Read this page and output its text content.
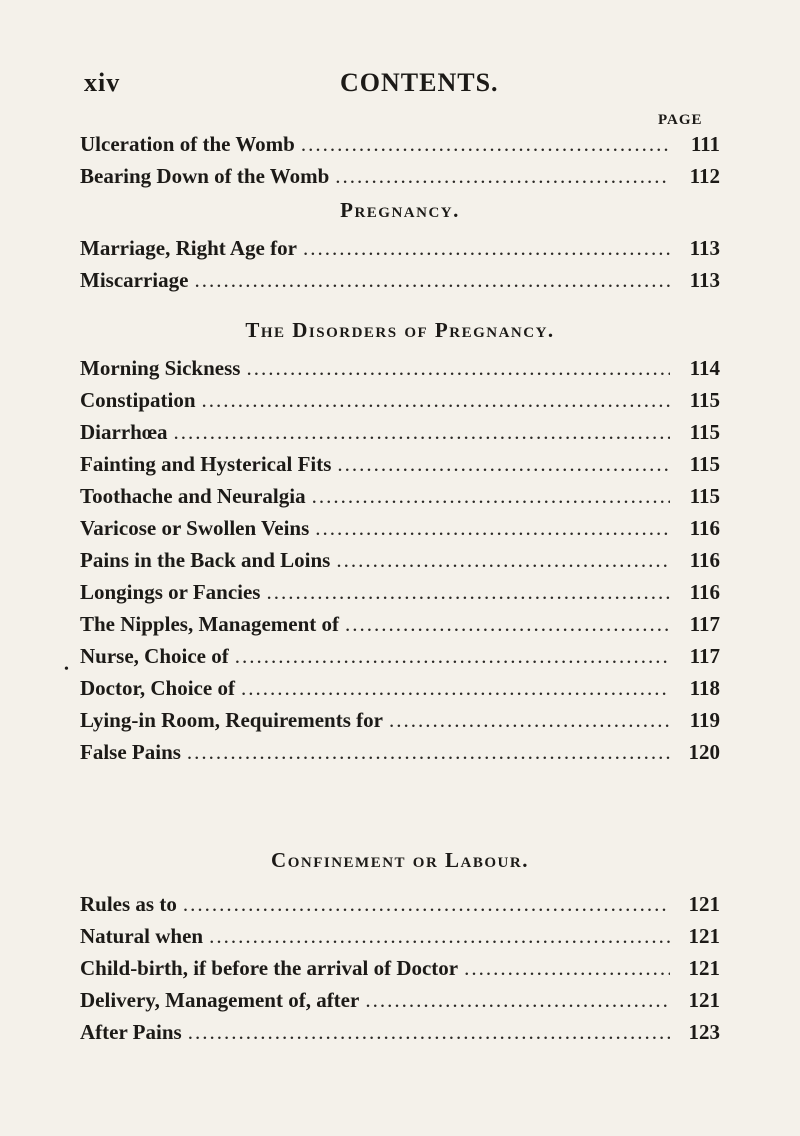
xiv	CONTENTS.
PAGE
Ulceration of the Womb .....	111
Bearing Down of the Womb .....	112
Pregnancy.
Marriage, Right Age for .....	113
Miscarriage .....	113
The Disorders of Pregnancy.
Morning Sickness .....	114
Constipation .....	115
Diarrhœa .....	115
Fainting and Hysterical Fits .....	115
Toothache and Neuralgia .....	115
Varicose or Swollen Veins .....	116
Pains in the Back and Loins .....	116
Longings or Fancies .....	116
The Nipples, Management of .....	117
Nurse, Choice of .....	117
Doctor, Choice of .....	118
Lying-in Room, Requirements for .....	119
False Pains .....	120
•
Confinement or Labour.
Rules as to .....	121
Natural when .....	121
Child-birth, if before the arrival of Doctor .....	121
Delivery, Management of, after .....	121
After Pains .....	123
